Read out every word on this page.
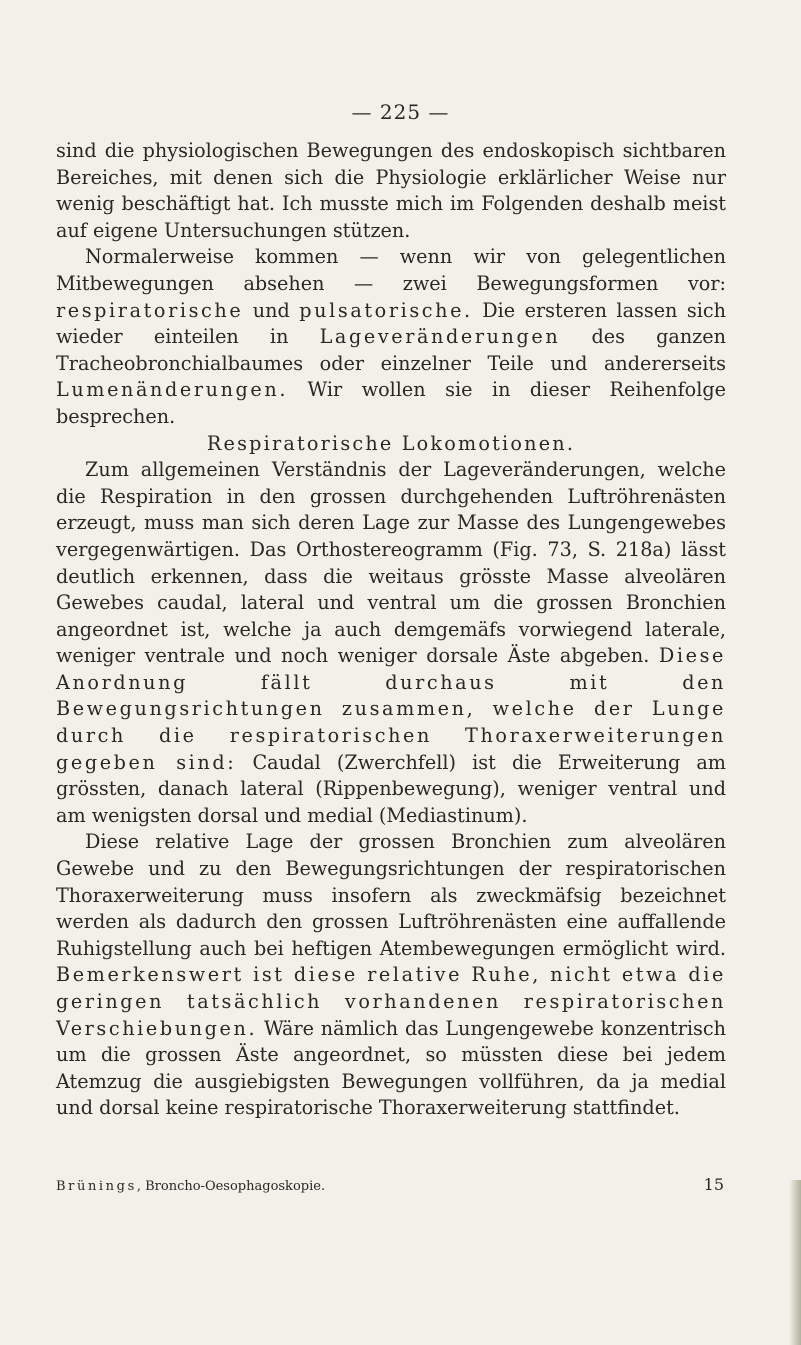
— 225 —

sind die physiologischen Bewegungen des endoskopisch sichtbaren Bereiches, mit denen sich die Physiologie erklärlicher Weise nur wenig beschäftigt hat. Ich musste mich im Folgenden deshalb meist auf eigene Untersuchungen stützen.

Normalerweise kommen — wenn wir von gelegentlichen Mitbewegungen absehen — zwei Bewegungsformen vor: respiratorische und pulsatorische. Die ersteren lassen sich wieder einteilen in Lageveränderungen des ganzen Tracheobronchialbaumes oder einzelner Teile und andererseits Lumenänderungen. Wir wollen sie in dieser Reihenfolge besprechen.

Respiratorische Lokomotionen.

Zum allgemeinen Verständnis der Lageveränderungen, welche die Respiration in den grossen durchgehenden Luftröhrenästen erzeugt, muss man sich deren Lage zur Masse des Lungengewebes vergegenwärtigen. Das Orthostereogramm (Fig. 73, S. 218a) lässt deutlich erkennen, dass die weitaus grösste Masse alveolären Gewebes caudal, lateral und ventral um die grossen Bronchien angeordnet ist, welche ja auch demgemäfs vorwiegend laterale, weniger ventrale und noch weniger dorsale Äste abgeben. Diese Anordnung fällt durchaus mit den Bewegungsrichtungen zusammen, welche der Lunge durch die respiratorischen Thoraxerweiterungen gegeben sind: Caudal (Zwerchfell) ist die Erweiterung am grössten, danach lateral (Rippenbewegung), weniger ventral und am wenigsten dorsal und medial (Mediastinum).

Diese relative Lage der grossen Bronchien zum alveolären Gewebe und zu den Bewegungsrichtungen der respiratorischen Thoraxerweiterung muss insofern als zweckmäfsig bezeichnet werden als dadurch den grossen Luftröhrenästen eine auffallende Ruhigstellung auch bei heftigen Atembewegungen ermöglicht wird. Bemerkenswert ist diese relative Ruhe, nicht etwa die geringen tatsächlich vorhandenen respiratorischen Verschiebungen. Wäre nämlich das Lungengewebe konzentrisch um die grossen Äste angeordnet, so müssten diese bei jedem Atemzug die ausgiebigsten Bewegungen vollführen, da ja medial und dorsal keine respiratorische Thoraxerweiterung stattfindet.

Brünings, Broncho-Oesophagoskopie.	15
